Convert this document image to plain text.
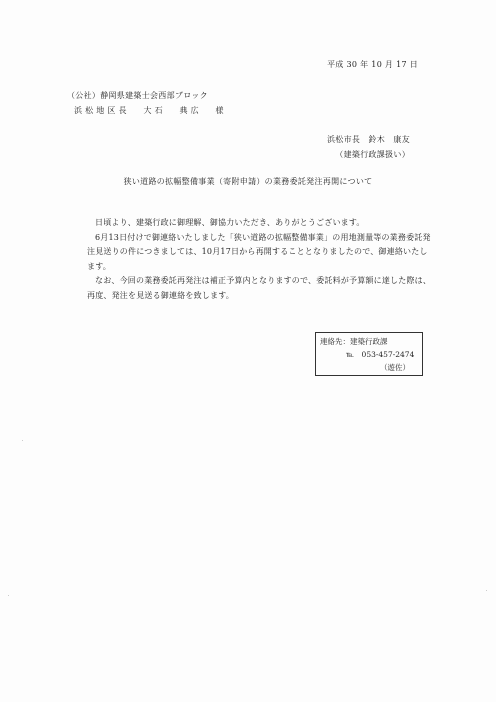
平成 30 年 10 月 17 日
（公社）静岡県建築士会西部ブロック
浜 松 地 区 長　　大 石　　典 広　　様
浜松市長　鈴木　康友
（建築行政課扱い）
狭い道路の拡幅整備事業（寄附申請）の業務委託発注再開について

日頃より、建築行政に御理解、御協力いただき、ありがとうございます。

6月13日付けで御連絡いたしました「狭い道路の拡幅整備事業」の用地測量等の業務委託発注見送りの件につきましては、10月17日から再開することとなりましたので、御連絡いたします。

なお、今回の業務委託再発注は補正予算内となりますので、委託料が予算額に達した際は、再度、発注を見送る御連絡を致します。

連絡先：建築行政課
℡　053-457-2474
（遊佐）
